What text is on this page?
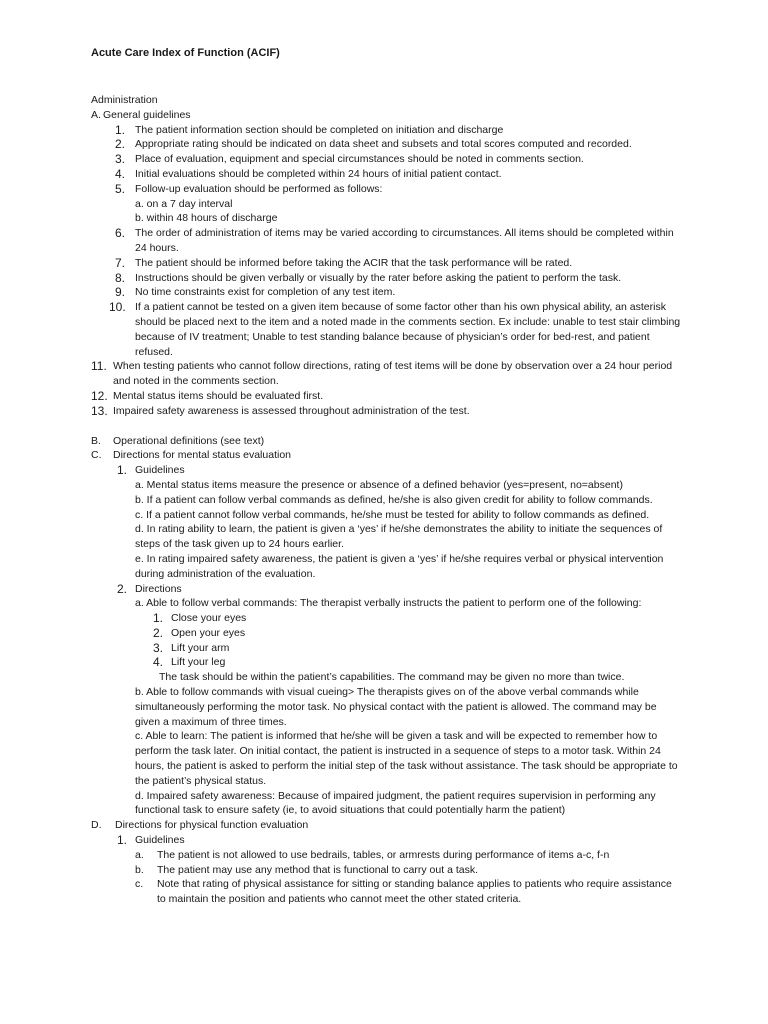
Acute Care Index of Function (ACIF)
Administration
A. General guidelines
1. The patient information section should be completed on initiation and discharge
2. Appropriate rating should be indicated on data sheet and subsets and total scores computed and recorded.
3. Place of evaluation, equipment and special circumstances should be noted in comments section.
4. Initial evaluations should be completed within 24 hours of initial patient contact.
5. Follow-up evaluation should be performed as follows:
a. on a 7 day interval
b. within 48 hours of discharge
6. The order of administration of items may be varied according to circumstances. All items should be completed within 24 hours.
7. The patient should be informed before taking the ACIR that the task performance will be rated.
8. Instructions should be given verbally or visually by the rater before asking the patient to perform the task.
9. No time constraints exist for completion of any test item.
10. If a patient cannot be tested on a given item because of some factor other than his own physical ability, an asterisk should be placed next to the item and a noted made in the comments section. Ex include: unable to test stair climbing because of IV treatment; Unable to test standing balance because of physician’s order for bed-rest, and patient refused.
11. When testing patients who cannot follow directions, rating of test items will be done by observation over a 24 hour period and noted in the comments section.
12. Mental status items should be evaluated first.
13. Impaired safety awareness is assessed throughout administration of the test.
B.	Operational definitions (see text)
C.	Directions for mental status evaluation
1. Guidelines
a. Mental status items measure the presence or absence of a defined behavior (yes=present, no=absent)
b. If a patient can follow verbal commands as defined, he/she is also given credit for ability to follow commands.
c. If a patient cannot follow verbal commands, he/she must be tested for ability to follow commands as defined.
d. In rating ability to learn, the patient is given a ‘yes’ if he/she demonstrates the ability to initiate the sequences of steps of the task given up to 24 hours earlier.
e. In rating impaired safety awareness, the patient is given a ‘yes’ if he/she requires verbal or physical intervention during administration of the evaluation.
2. Directions
a. Able to follow verbal commands: The therapist verbally instructs the patient to perform one of the following:
1. Close your eyes
2. Open your eyes
3. Lift your arm
4. Lift your leg
The task should be within the patient’s capabilities. The command may be given no more than twice.
b. Able to follow commands with visual cueing> The therapists gives on of the above verbal commands while simultaneously performing the motor task. No physical contact with the patient is allowed. The command may be given a maximum of three times.
c. Able to learn: The patient is informed that he/she will be given a task and will be expected to remember how to perform the task later. On initial contact, the patient is instructed in a sequence of steps to a motor task. Within 24 hours, the patient is asked to perform the initial step of the task without assistance. The task should be appropriate to the patient’s physical status.
d. Impaired safety awareness: Because of impaired judgment, the patient requires supervision in performing any functional task to ensure safety (ie, to avoid situations that could potentially harm the patient)
D.	Directions for physical function evaluation
1. Guidelines
a.	The patient is not allowed to use bedrails, tables, or armrests during performance of items a-c, f-n
b.	The patient may use any method that is functional to carry out a task.
c.	Note that rating of physical assistance for sitting or standing balance applies to patients who require assistance to maintain the position and patients who cannot meet the other stated criteria.
